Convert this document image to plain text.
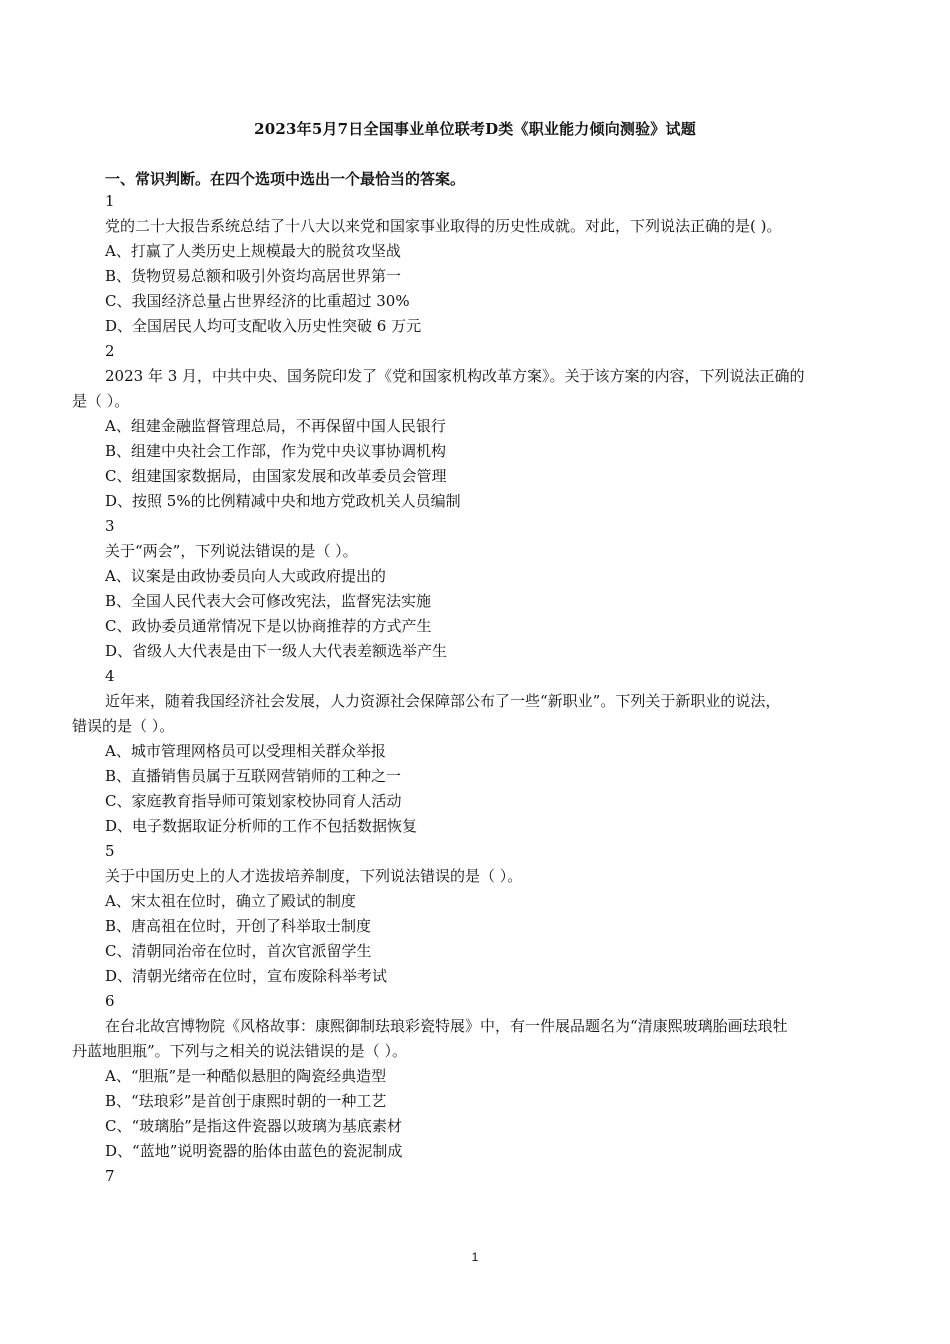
2023年5月7日全国事业单位联考D类《职业能力倾向测验》试题
一、常识判断。在四个选项中选出一个最恰当的答案。
1
党的二十大报告系统总结了十八大以来党和国家事业取得的历史性成就。对此，下列说法正确的是( )。
A、打赢了人类历史上规模最大的脱贫攻坚战
B、货物贸易总额和吸引外资均高居世界第一
C、我国经济总量占世界经济的比重超过 30%
D、全国居民人均可支配收入历史性突破 6 万元
2
2023 年 3 月，中共中央、国务院印发了《党和国家机构改革方案》。关于该方案的内容，下列说法正确的
是（ ）。
A、组建金融监督管理总局，不再保留中国人民银行
B、组建中央社会工作部，作为党中央议事协调机构
C、组建国家数据局，由国家发展和改革委员会管理
D、按照 5%的比例精减中央和地方党政机关人员编制
3
关于“两会”，下列说法错误的是（ ）。
A、议案是由政协委员向人大或政府提出的
B、全国人民代表大会可修改宪法，监督宪法实施
C、政协委员通常情况下是以协商推荐的方式产生
D、省级人大代表是由下一级人大代表差额选举产生
4
近年来，随着我国经济社会发展，人力资源社会保障部公布了一些“新职业”。下列关于新职业的说法，
错误的是（ ）。
A、城市管理网格员可以受理相关群众举报
B、直播销售员属于互联网营销师的工种之一
C、家庭教育指导师可策划家校协同育人活动
D、电子数据取证分析师的工作不包括数据恢复
5
关于中国历史上的人才选拔培养制度，下列说法错误的是（ ）。
A、宋太祖在位时，确立了殿试的制度
B、唐高祖在位时，开创了科举取士制度
C、清朝同治帝在位时，首次官派留学生
D、清朝光绪帝在位时，宣布废除科举考试
6
在台北故宫博物院《风格故事：康熙御制珐琅彩瓷特展》中，有一件展品题名为“清康熙玻璃胎画珐琅牡
丹蓝地胆瓶”。下列与之相关的说法错误的是（ ）。
A、“胆瓶”是一种酷似悬胆的陶瓷经典造型
B、“珐琅彩”是首创于康熙时朝的一种工艺
C、“玻璃胎”是指这件瓷器以玻璃为基底素材
D、“蓝地”说明瓷器的胎体由蓝色的瓷泥制成
7
1
